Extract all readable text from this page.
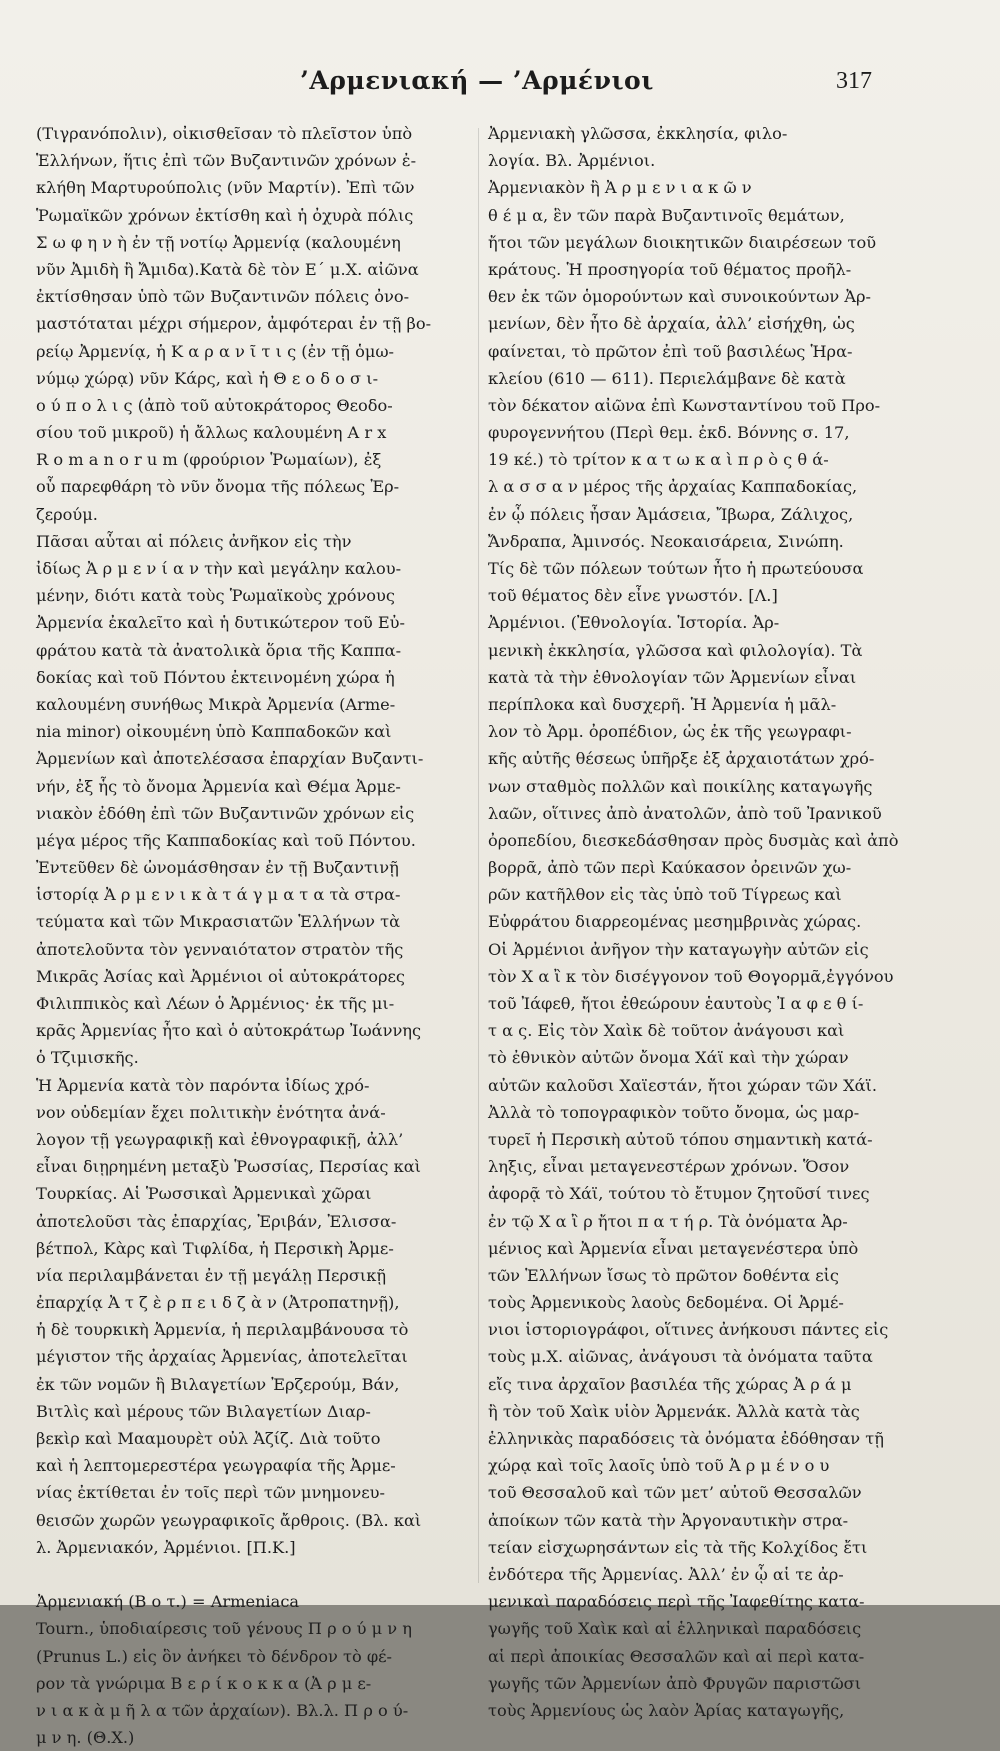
’Αρμενιακή — ’Αρμένιοι	317
(Τιγρανόπολιν), οἰκισθεῖσαν τὸ πλεῖστον ὑπὸ
Ἑλλήνων, ἥτις ἐπὶ τῶν Βυζαντινῶν χρόνων ἐ-
κλήθη Μαρτυρούπολις (νῦν Μαρτίν). Ἐπὶ τῶν
Ῥωμαϊκῶν χρόνων ἐκτίσθη καὶ ἡ ὀχυρὰ πόλις
Σ ω φ η ν ὴ ἐν τῇ νοτίῳ Ἀρμενίᾳ (καλουμένη
νῦν Ἀμιδὴ ἢ Ἄμιδα).Κατὰ δὲ τὸν Ε΄ μ.Χ. αἰῶνα
ἐκτίσθησαν ὑπὸ τῶν Βυζαντινῶν πόλεις ὀνο-
μαστόταται μέχρι σήμερον, ἀμφότεραι ἐν τῇ βο-
ρείῳ Ἀρμενίᾳ, ἡ Κ α ρ α ν ῖ τ ι ς (ἐν τῇ ὁμω-
νύμῳ χώρᾳ) νῦν Κάρς, καὶ ἡ Θ ε ο δ ο σ ι-
ο ύ π ο λ ι ς (ἀπὸ τοῦ αὐτοκράτορος Θεοδο-
σίου τοῦ μικροῦ) ἡ ἄλλως καλουμένη A r x
R o m a n o r u m (φρούριον Ῥωμαίων), ἐξ
οὗ παρεφθάρη τὸ νῦν ὄνομα τῆς πόλεως Ἐρ-
ζερούμ.
Πᾶσαι αὗται αἱ πόλεις ἀνῆκον εἰς τὴν
ἰδίως Ἀ ρ μ ε ν ί α ν τὴν καὶ μεγάλην καλου-
μένην, διότι κατὰ τοὺς Ῥωμαϊκοὺς χρόνους
Ἀρμενία ἐκαλεῖτο καὶ ἡ δυτικώτερον τοῦ Εὐ-
φράτου κατὰ τὰ ἀνατολικὰ ὅρια τῆς Καππα-
δοκίας καὶ τοῦ Πόντου ἐκτεινομένη χώρα ἡ
καλουμένη συνήθως Μικρὰ Ἀρμενία (Arme-
nia minor) οἰκουμένη ὑπὸ Καππαδοκῶν καὶ
Ἀρμενίων καὶ ἀποτελέσασα ἐπαρχίαν Βυζαντι-
νήν, ἐξ ἧς τὸ ὄνομα Ἀρμενία καὶ Θέμα Ἀρμε-
νιακὸν ἐδόθη ἐπὶ τῶν Βυζαντινῶν χρόνων εἰς
μέγα μέρος τῆς Καππαδοκίας καὶ τοῦ Πόντου.
Ἐντεῦθεν δὲ ὠνομάσθησαν ἐν τῇ Βυζαντινῇ
ἱστορίᾳ Ἀ ρ μ ε ν ι κ ὰ τ ά γ μ α τ α τὰ στρα-
τεύματα καὶ τῶν Μικρασιατῶν Ἑλλήνων τὰ
ἀποτελοῦντα τὸν γενναιότατον στρατὸν τῆς
Μικρᾶς Ἀσίας καὶ Ἀρμένιοι οἱ αὐτοκράτορες
Φιλιππικὸς καὶ Λέων ὁ Ἀρμένιος· ἐκ τῆς μι-
κρᾶς Ἀρμενίας ἦτο καὶ ὁ αὐτοκράτωρ Ἰωάννης
ὁ Τζιμισκῆς.
Ἡ Ἀρμενία κατὰ τὸν παρόντα ἰδίως χρό-
νον οὐδεμίαν ἔχει πολιτικὴν ἑνότητα ἀνά-
λογον τῇ γεωγραφικῇ καὶ ἐθνογραφικῇ, ἀλλ’
εἶναι διῃρημένη μεταξὺ Ῥωσσίας, Περσίας καὶ
Τουρκίας. Αἱ Ῥωσσικαὶ Ἀρμενικαὶ χῶραι
ἀποτελοῦσι τὰς ἐπαρχίας, Ἐριβάν, Ἐλισσα-
βέτπολ, Κὰρς καὶ Τιφλίδα, ἡ Περσικὴ Ἀρμε-
νία περιλαμβάνεται ἐν τῇ μεγάλῃ Περσικῇ
ἐπαρχίᾳ Ἀ τ ζ ὲ ρ π ε ι δ ζ ὰ ν (Ἀτροπατηνῇ),
ἡ δὲ τουρκικὴ Ἀρμενία, ἡ περιλαμβάνουσα τὸ
μέγιστον τῆς ἀρχαίας Ἀρμενίας, ἀποτελεῖται
ἐκ τῶν νομῶν ἢ Βιλαγετίων Ἐρζερούμ, Βάν,
Βιτλὶς καὶ μέρους τῶν Βιλαγετίων Διαρ-
βεκὶρ καὶ Μααμουρὲτ οὐλ Ἀζίζ. Διὰ τοῦτο
καὶ ἡ λεπτομερεστέρα γεωγραφία τῆς Ἀρμε-
νίας ἐκτίθεται ἐν τοῖς περὶ τῶν μνημονευ-
θεισῶν χωρῶν γεωγραφικοῖς ἄρθροις. (Βλ. καὶ
λ. Ἀρμενιακόν, Ἀρμένιοι. [Π.Κ.]
Ἀρμενιακή (Β ο τ.) = Armeniaca
Tourn., ὑποδιαίρεσις τοῦ γένους Π ρ ο ύ μ ν η
(Prunus L.) εἰς ὃν ἀνήκει τὸ δένδρον τὸ φέ-
ρον τὰ γνώριμα Β ε ρ ί κ ο κ κ α (Ἀ ρ μ ε-
ν ι α κ ὰ μ ῆ λ α τῶν ἀρχαίων). Βλ.λ. Π ρ ο ύ-
μ ν η. (Θ.Χ.)
Ἀρμενιακὴ γλῶσσα, ἐκκλησία, φιλο-
λογία. Βλ. Ἀρμένιοι.
Ἀρμενιακὸν ἢ Ἀ ρ μ ε ν ι α κ ῶ ν
θ έ μ α, ἓν τῶν παρὰ Βυζαντινοῖς θεμάτων,
ἤτοι τῶν μεγάλων διοικητικῶν διαιρέσεων τοῦ
κράτους. Ἡ προσηγορία τοῦ θέματος προῆλ-
θεν ἐκ τῶν ὁμορούντων καὶ συνοικούντων Ἀρ-
μενίων, δὲν ἦτο δὲ ἀρχαία, ἀλλ’ εἰσήχθη, ὡς
φαίνεται, τὸ πρῶτον ἐπὶ τοῦ βασιλέως Ἡρα-
κλείου (610 — 611). Περιελάμβανε δὲ κατὰ
τὸν δέκατον αἰῶνα ἐπὶ Κωνσταντίνου τοῦ Προ-
φυρογεννήτου (Περὶ θεμ. ἐκδ. Βόννης σ. 17,
19 κέ.) τὸ τρίτον κ α τ ω κ α ὶ π ρ ὸ ς θ ά-
λ α σ σ α ν μέρος τῆς ἀρχαίας Καππαδοκίας,
ἐν ᾧ πόλεις ἦσαν Ἀμάσεια, Ἴβωρα, Ζάλιχος,
Ἄνδραπα, Ἀμινσός. Νεοκαισάρεια, Σινώπη.
Τίς δὲ τῶν πόλεων τούτων ἦτο ἡ πρωτεύουσα
τοῦ θέματος δὲν εἶνε γνωστόν. [Λ.]
Ἀρμένιοι. (Ἐθνολογία. Ἱστορία. Ἀρ-
μενικὴ ἐκκλησία, γλῶσσα καὶ φιλολογία). Τὰ
κατὰ τὰ τὴν ἐθνολογίαν τῶν Ἀρμενίων εἶναι
περίπλοκα καὶ δυσχερῆ. Ἡ Ἀρμενία ἡ μᾶλ-
λον τὸ Ἀρμ. ὀροπέδιον, ὡς ἐκ τῆς γεωγραφι-
κῆς αὐτῆς θέσεως ὑπῆρξε ἐξ ἀρχαιοτάτων χρό-
νων σταθμὸς πολλῶν καὶ ποικίλης καταγωγῆς
λαῶν, οἵτινες ἀπὸ ἀνατολῶν, ἀπὸ τοῦ Ἰρανικοῦ
ὀροπεδίου, διεσκεδάσθησαν πρὸς δυσμὰς καὶ ἀπὸ
βορρᾶ, ἀπὸ τῶν περὶ Καύκασον ὀρεινῶν χω-
ρῶν κατῆλθον εἰς τὰς ὑπὸ τοῦ Τίγρεως καὶ
Εὐφράτου διαρρεομένας μεσημβρινὰς χώρας.
Οἱ Ἀρμένιοι ἀνῆγον τὴν καταγωγὴν αὐτῶν εἰς
τὸν Χ α ἲ κ τὸν δισέγγονον τοῦ Θογορμᾶ,ἐγγόνου
τοῦ Ἰάφεθ, ἤτοι ἐθεώρουν ἑαυτοὺς Ἰ α φ ε θ ί-
τ α ς. Εἰς τὸν Χαὶκ δὲ τοῦτον ἀνάγουσι καὶ
τὸ ἐθνικὸν αὐτῶν ὄνομα Χάϊ καὶ τὴν χώραν
αὐτῶν καλοῦσι Χαϊεστάν, ἤτοι χώραν τῶν Χάϊ.
Ἀλλὰ τὸ τοπογραφικὸν τοῦτο ὄνομα, ὡς μαρ-
τυρεῖ ἡ Περσικὴ αὐτοῦ τόπου σημαντικὴ κατά-
ληξις, εἶναι μεταγενεστέρων χρόνων. Ὅσον
ἀφορᾷ τὸ Χάϊ, τούτου τὸ ἔτυμον ζητοῦσί τινες
ἐν τῷ Χ α ἲ ρ ἤτοι π α τ ή ρ. Τὰ ὀνόματα Ἀρ-
μένιος καὶ Ἀρμενία εἶναι μεταγενέστερα ὑπὸ
τῶν Ἑλλήνων ἴσως τὸ πρῶτον δοθέντα εἰς
τοὺς Ἀρμενικοὺς λαοὺς δεδομένα. Οἱ Ἀρμέ-
νιοι ἱστοριογράφοι, οἵτινες ἀνήκουσι πάντες εἰς
τοὺς μ.Χ. αἰῶνας, ἀνάγουσι τὰ ὀνόματα ταῦτα
εἴς τινα ἀρχαῖον βασιλέα τῆς χώρας Ἀ ρ ά μ
ἢ τὸν τοῦ Χαὶκ υἱὸν Ἀρμενάκ. Ἀλλὰ κατὰ τὰς
ἑλληνικὰς παραδόσεις τὰ ὀνόματα ἐδόθησαν τῇ
χώρᾳ καὶ τοῖς λαοῖς ὑπὸ τοῦ Ἀ ρ μ έ ν ο υ
τοῦ Θεσσαλοῦ καὶ τῶν μετ’ αὐτοῦ Θεσσαλῶν
ἀποίκων τῶν κατὰ τὴν Ἀργοναυτικὴν στρα-
τείαν εἰσχωρησάντων εἰς τὰ τῆς Κολχίδος ἔτι
ἐνδότερα τῆς Ἀρμενίας. Ἀλλ’ ἐν ᾧ αἱ τε ἀρ-
μενικαὶ παραδόσεις περὶ τῆς Ἰαφεθίτης κατα-
γωγῆς τοῦ Χαὶκ καὶ αἱ ἑλληνικαὶ παραδόσεις
αἱ περὶ ἀποικίας Θεσσαλῶν καὶ αἱ περὶ κατα-
γωγῆς τῶν Ἀρμενίων ἀπὸ Φρυγῶν παριστῶσι
τοὺς Ἀρμενίους ὡς λαὸν Ἀρίας καταγωγῆς,
